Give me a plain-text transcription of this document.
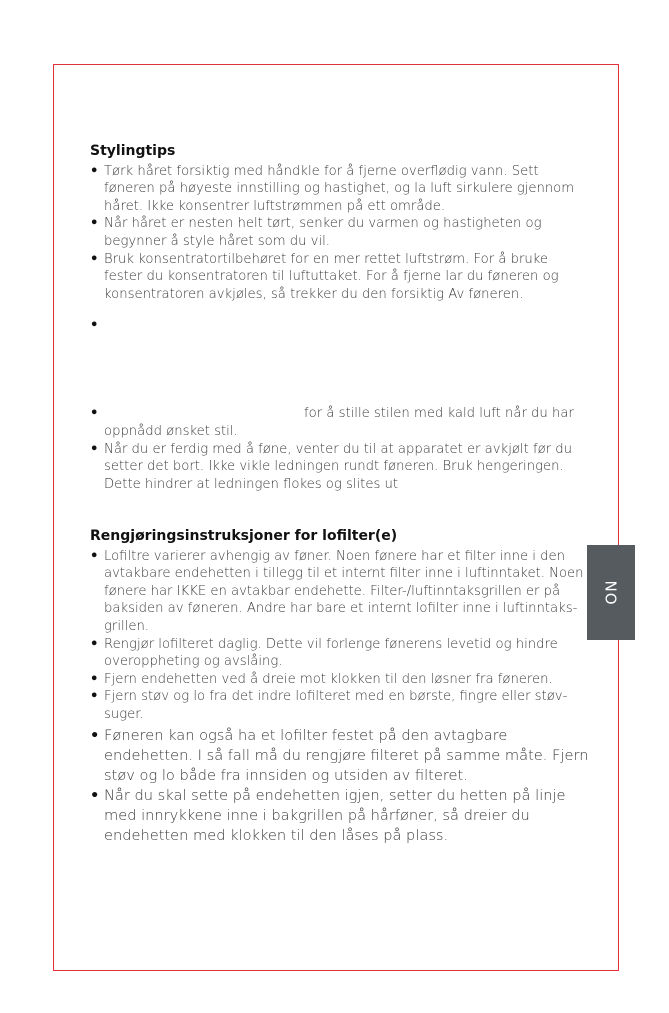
Stylingtips
• Tørk håret forsiktig med håndkle for å fjerne overflødig vann. Sett føneren på høyeste innstilling og hastighet, og la luft sirkulere gjennom håret. Ikke konsentrer luftstrømmen på ett område.
• Når håret er nesten helt tørt, senker du varmen og hastigheten og begynner å style håret som du vil.
• Bruk konsentratortilbehøret for en mer rettet luftstrøm. For å bruke fester du konsentratoren til luftuttaket. For å fjerne lar du føneren og konsentratoren avkjøles, så trekker du den forsiktig Av føneren.
•
• for å stille stilen med kald luft når du har oppnådd ønsket stil.
• Når du er ferdig med å føne, venter du til at apparatet er avkjølt før du setter det bort. Ikke vikle ledningen rundt føneren. Bruk hengeringen. Dette hindrer at ledningen flokes og slites ut
Rengjøringsinstruksjoner for lofilter(e)
• Lofiltre varierer avhengig av føner. Noen fønere har et filter inne i den avtakbare endehetten i tillegg til et internt filter inne i luftinntaket. Noen fønere har IKKE en avtakbar endehette. Filter-/luftinntaksgrillen er på baksiden av føneren. Andre har bare et internt lofilter inne i luftinntaks-grillen.
• Rengjør lofilteret daglig. Dette vil forlenge fønerens levetid og hindre overoppheting og avslåing.
• Fjern endehetten ved å dreie mot klokken til den løsner fra føneren.
• Fjern støv og lo fra det indre lofilteret med en børste, fingre eller støv-suger.
• Føneren kan også ha et lofilter festet på den avtagbare endehetten. I så fall må du rengjøre filteret på samme måte. Fjern støv og lo både fra innsiden og utsiden av filteret.
• Når du skal sette på endehetten igjen, setter du hetten på linje med innrykkene inne i bakgrillen på hårføner, så dreier du endehetten med klokken til den låses på plass.
NO
